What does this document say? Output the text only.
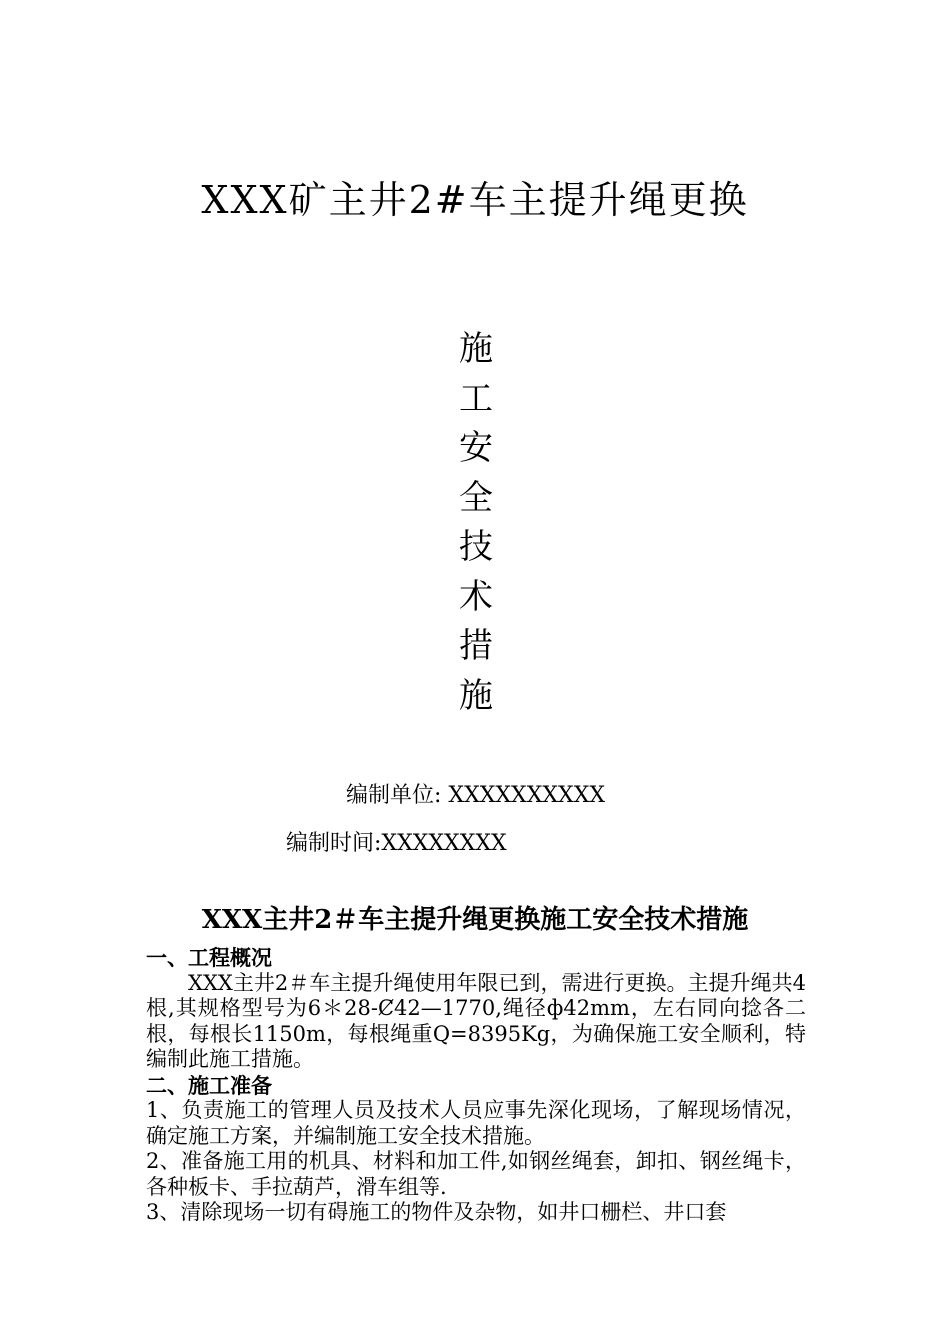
XXX矿主井2#车主提升绳更换
施
工
安
全
技
术
措
施
编制单位: XXXXXXXXXX
编制时间:XXXXXXXX
XXX主井2＃车主提升绳更换施工安全技术措施
一、工程概况

XXX主井2＃车主提升绳使用年限已到，需进行更换。主提升绳共4根,其规格型号为6＊28-Ȼ42—1770,绳径ф42mm，左右同向捻各二根，每根长1150m，每根绳重Q=8395Kg，为确保施工安全顺利，特编制此施工措施。

二、施工准备

1、负责施工的管理人员及技术人员应事先深化现场，了解现场情况，确定施工方案，并编制施工安全技术措施。

2、准备施工用的机具、材料和加工件,如钢丝绳套，卸扣、钢丝绳卡，各种板卡、手拉葫芦，滑车组等.

3、清除现场一切有碍施工的物件及杂物，如井口栅栏、井口套
